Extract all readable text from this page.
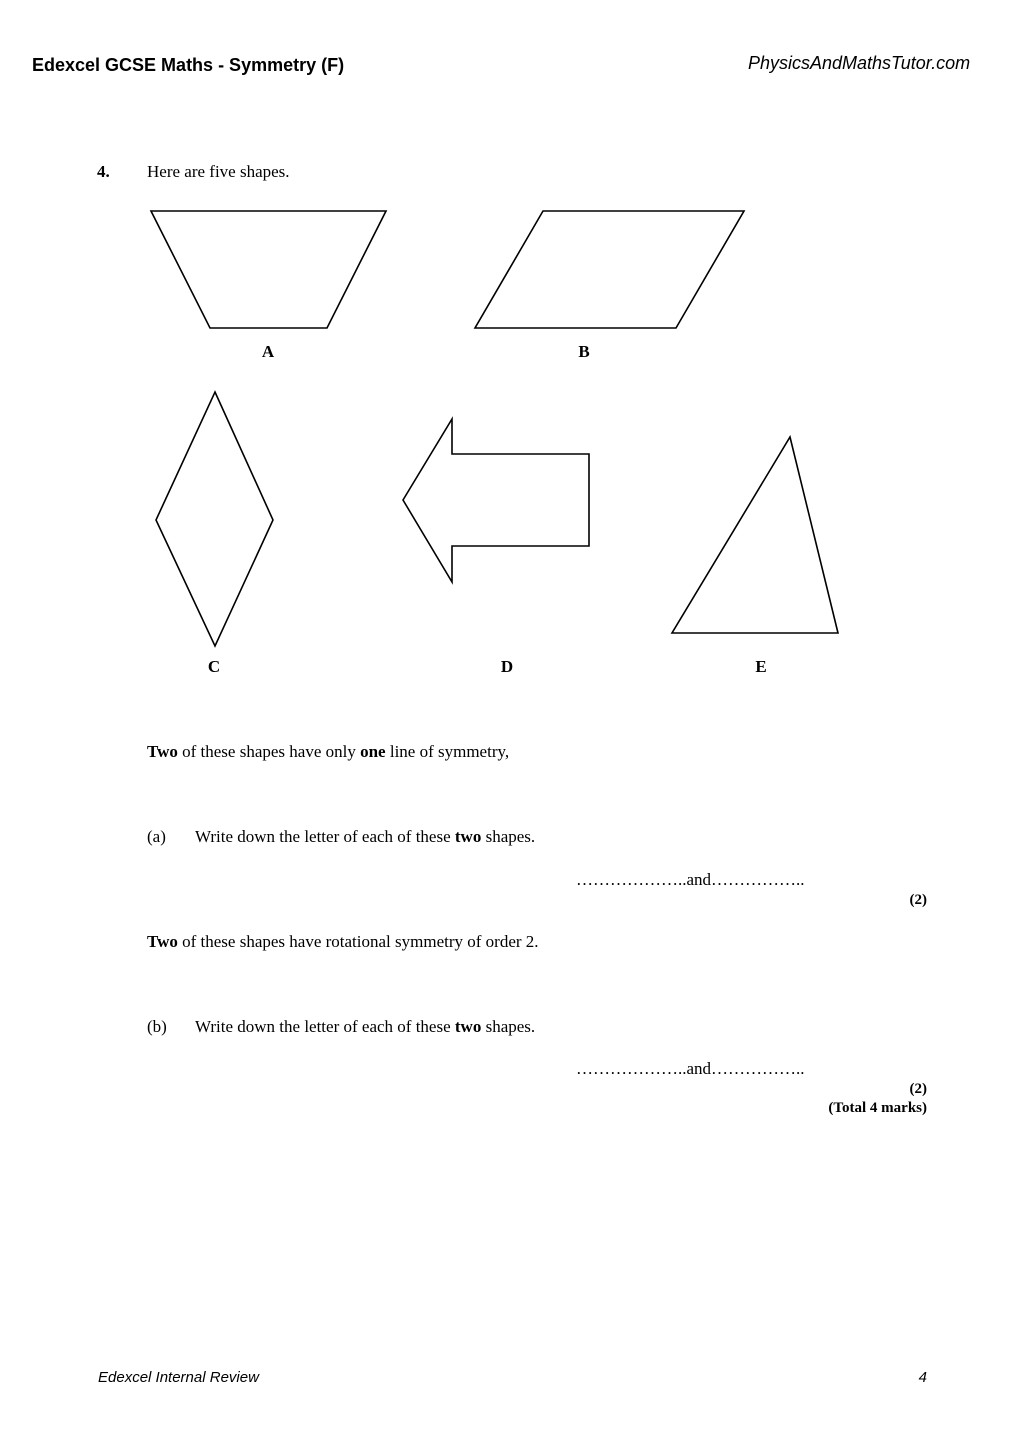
Edexcel GCSE Maths - Symmetry (F)	PhysicsAndMathsTutor.com
4. Here are five shapes.
A	B
C	D	E
Two of these shapes have only one line of symmetry,
(a) Write down the letter of each of these two shapes.
………………..and……………..
(2)
Two of these shapes have rotational symmetry of order 2.
(b) Write down the letter of each of these two shapes.
………………..and……………..
(2)
(Total 4 marks)
Edexcel Internal Review	4
